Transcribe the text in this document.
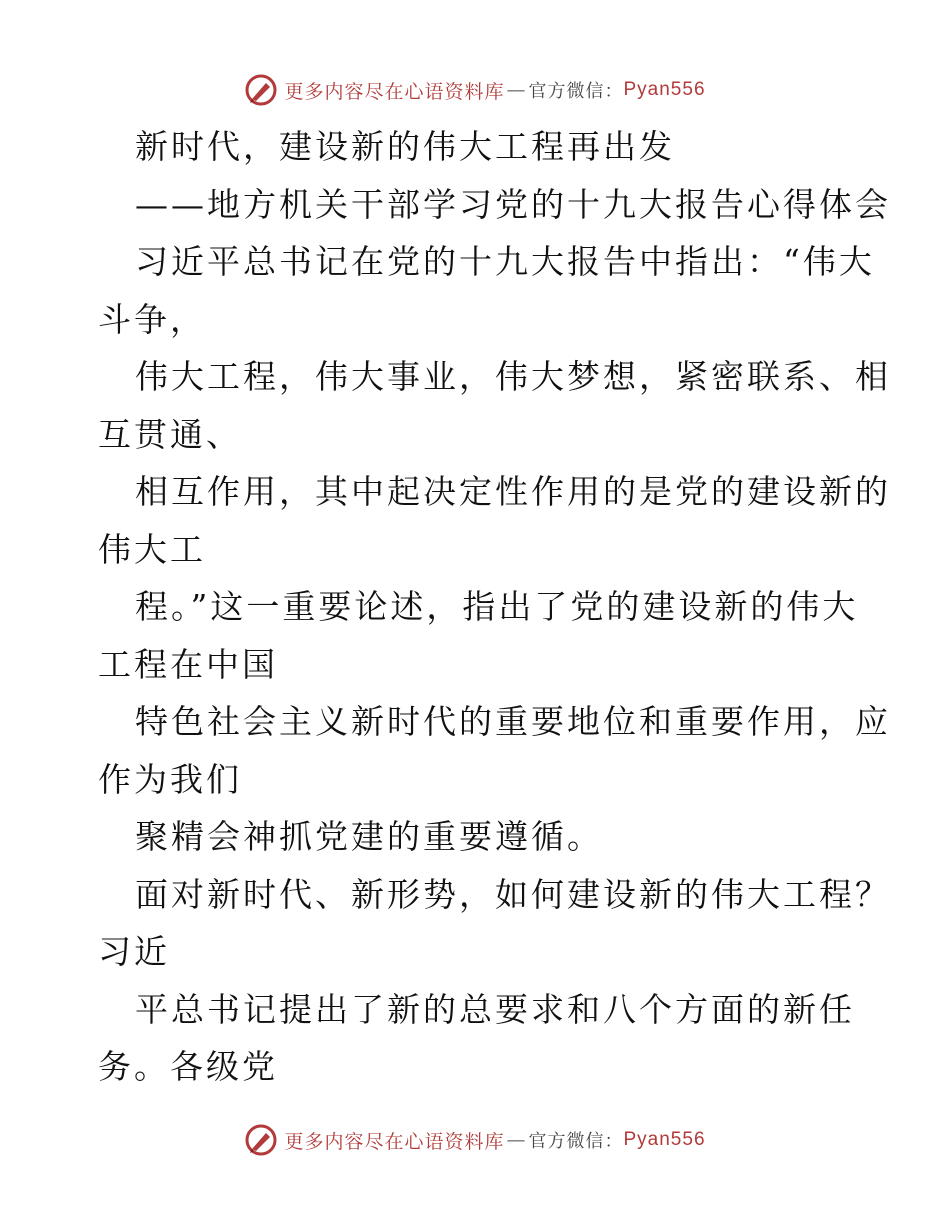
更多内容尽在心语资料库 — 官方微信： Pyan556
新时代，建设新的伟大工程再出发
——地方机关干部学习党的十九大报告心得体会
习近平总书记在党的十九大报告中指出：“伟大
斗争，
伟大工程，伟大事业，伟大梦想，紧密联系、相
互贯通、
相互作用，其中起决定性作用的是党的建设新的
伟大工
程。”这一重要论述，指出了党的建设新的伟大
工程在中国
特色社会主义新时代的重要地位和重要作用，应
作为我们
聚精会神抓党建的重要遵循。
面对新时代、新形势，如何建设新的伟大工程？
习近
平总书记提出了新的总要求和八个方面的新任
务。各级党
更多内容尽在心语资料库 — 官方微信： Pyan556
